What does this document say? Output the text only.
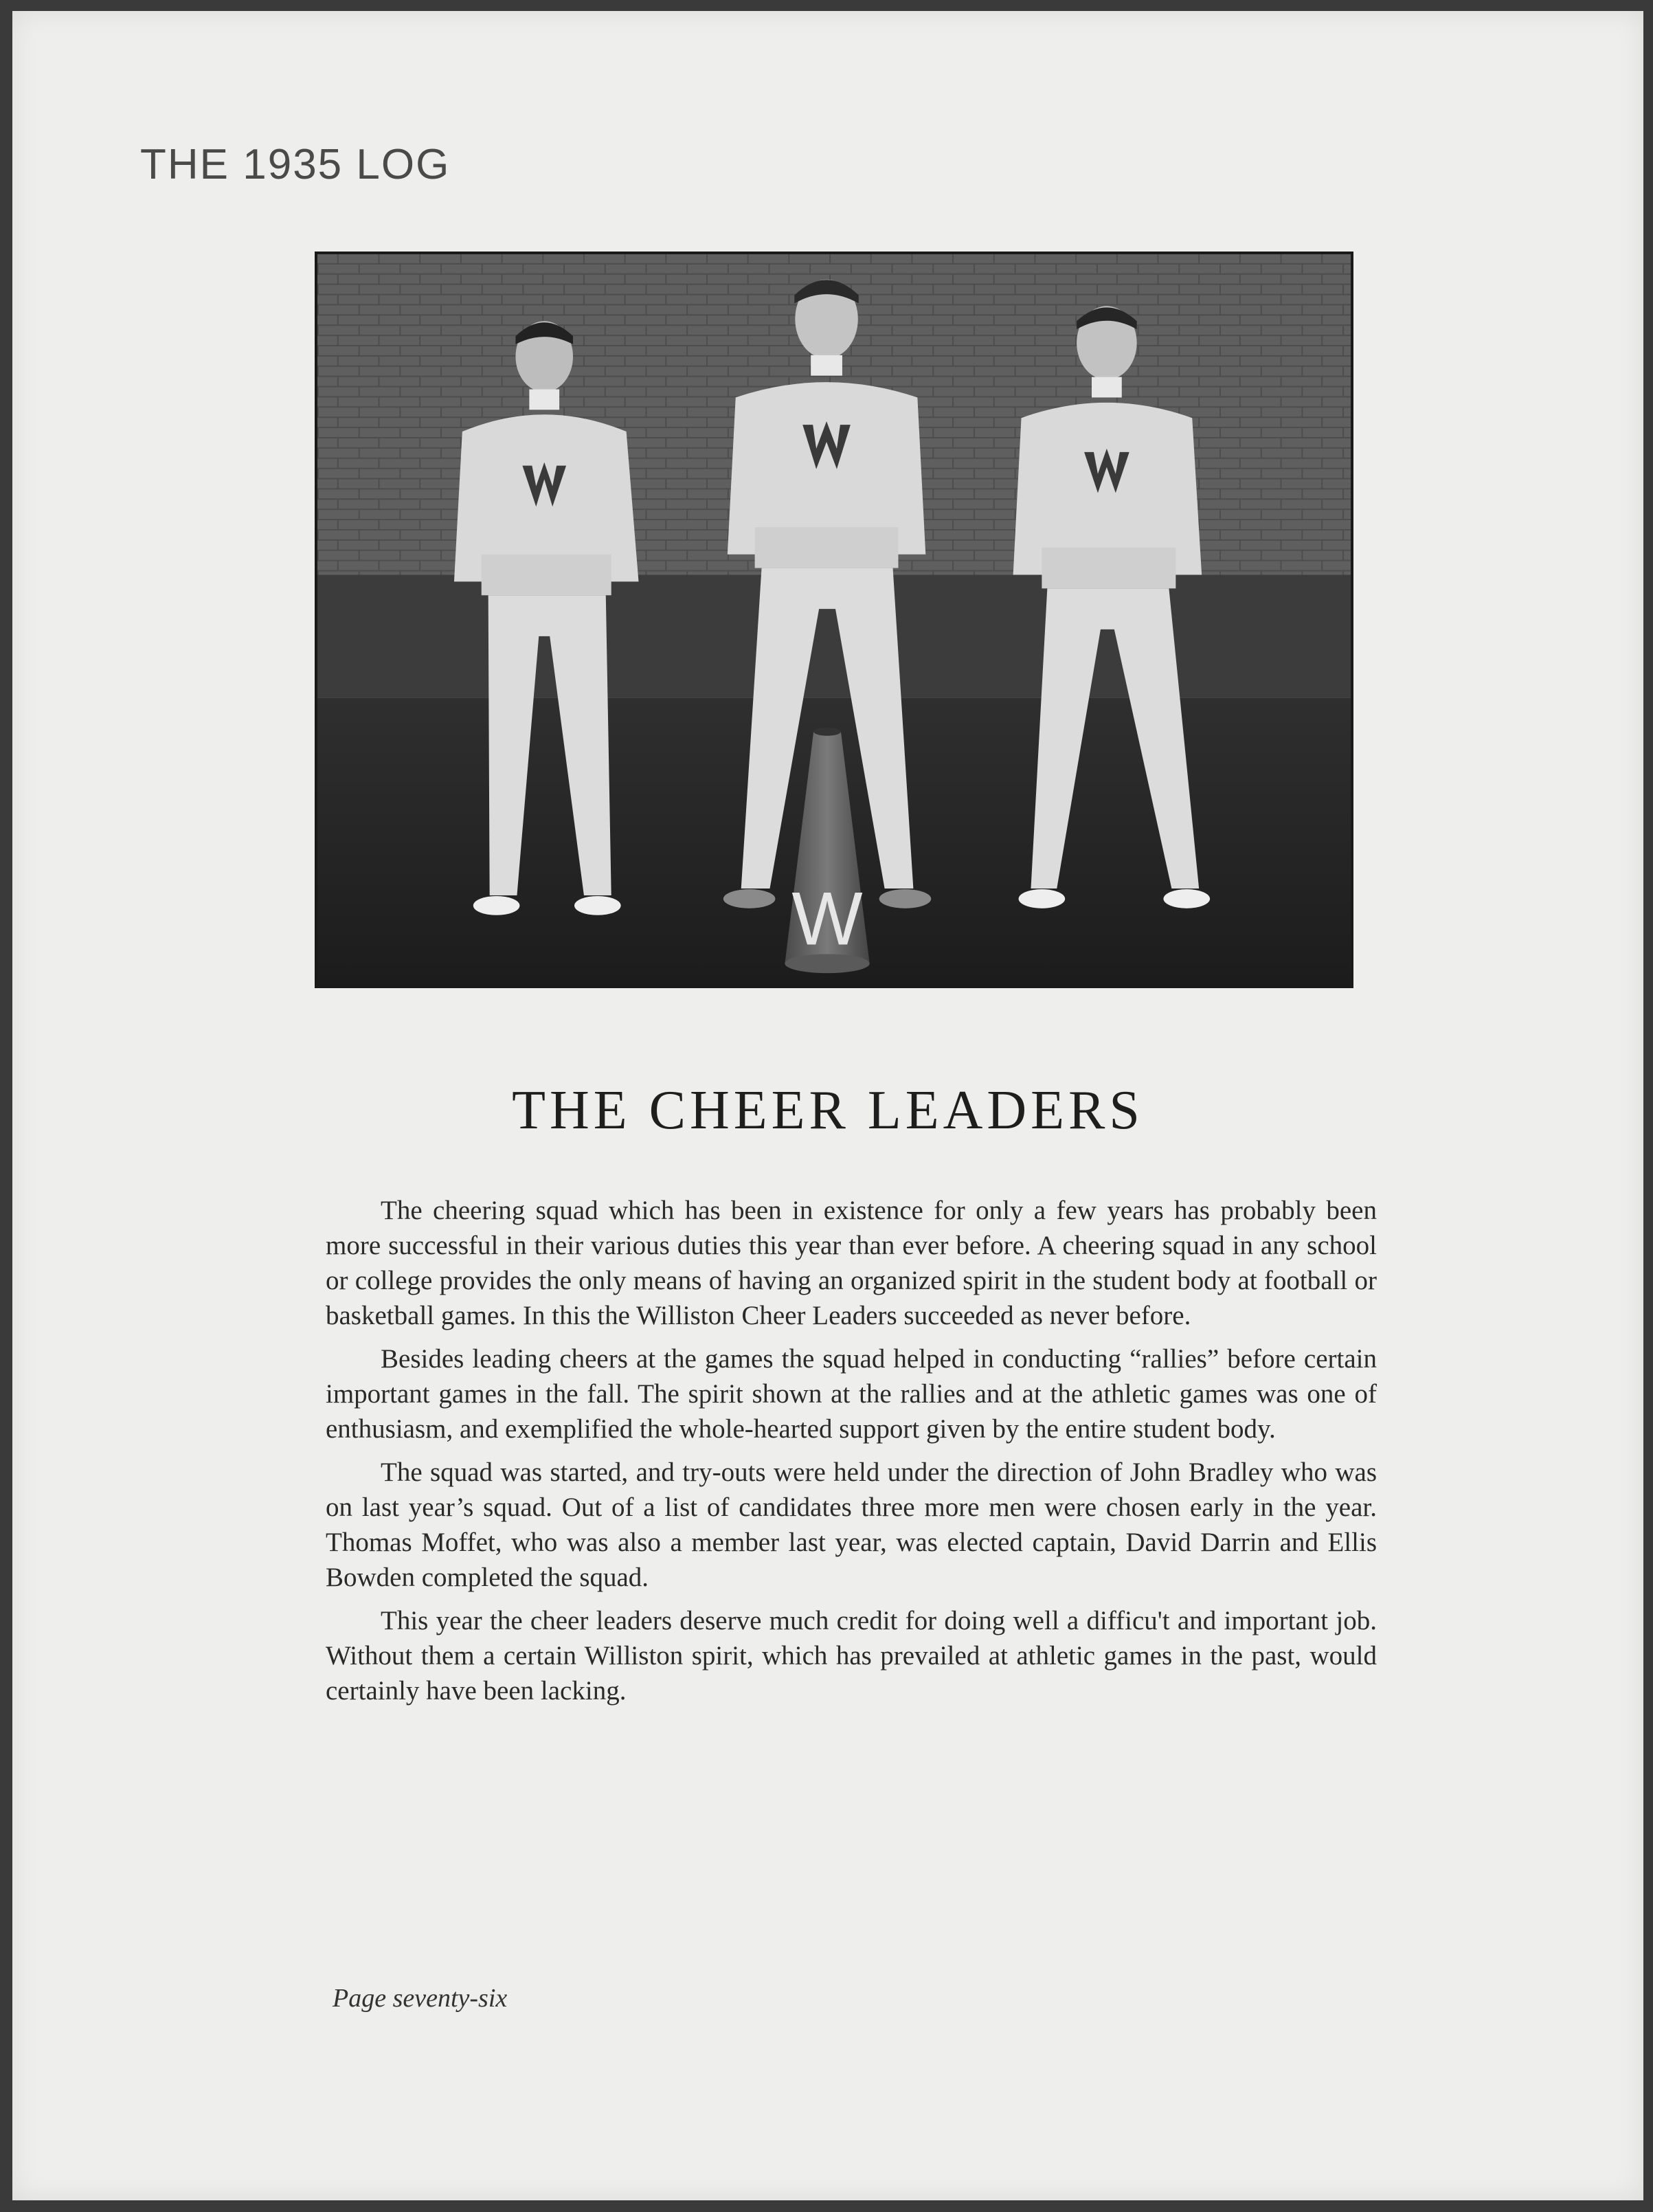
THE 1935 LOG
W
THE CHEER LEADERS

The cheering squad which has been in existence for only a few years has probably been more successful in their various duties this year than ever before. A cheering squad in any school or college provides the only means of having an organized spirit in the student body at football or basketball games. In this the Williston Cheer Leaders succeeded as never before.

Besides leading cheers at the games the squad helped in conducting “rallies” before certain important games in the fall. The spirit shown at the rallies and at the athletic games was one of enthusiasm, and exemplified the whole-hearted support given by the entire student body.

The squad was started, and try-outs were held under the direction of John Bradley who was on last year’s squad. Out of a list of candidates three more men were chosen early in the year. Thomas Moffet, who was also a member last year, was elected captain, David Darrin and Ellis Bowden completed the squad.

This year the cheer leaders deserve much credit for doing well a difficu't and important job. Without them a certain Williston spirit, which has prevailed at athletic games in the past, would certainly have been lacking.

Page seventy-six
